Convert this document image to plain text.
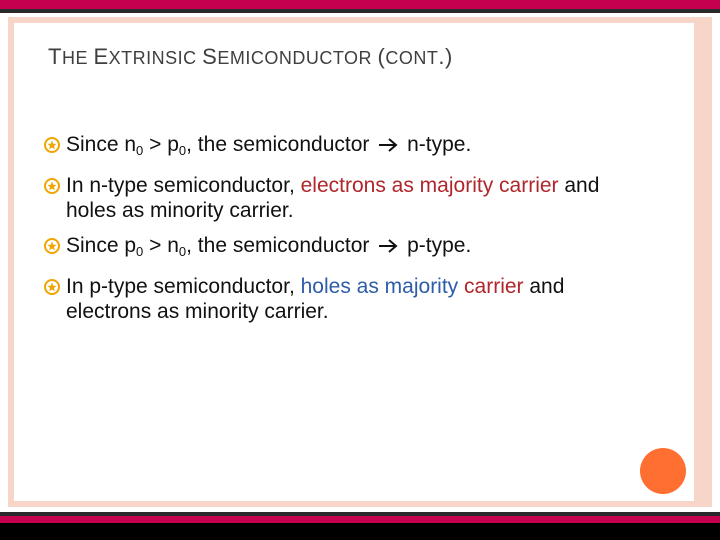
THE EXTRINSIC SEMICONDUCTOR (CONT.)
Since $n_0 > p_0$, the semiconductor  n-type.
In n-type semiconductor, electrons as majority carrier and holes as minority carrier.
Since $p_0 > n_0$, the semiconductor  p-type.
In p-type semiconductor, holes as majority carrier and electrons as minority carrier.
